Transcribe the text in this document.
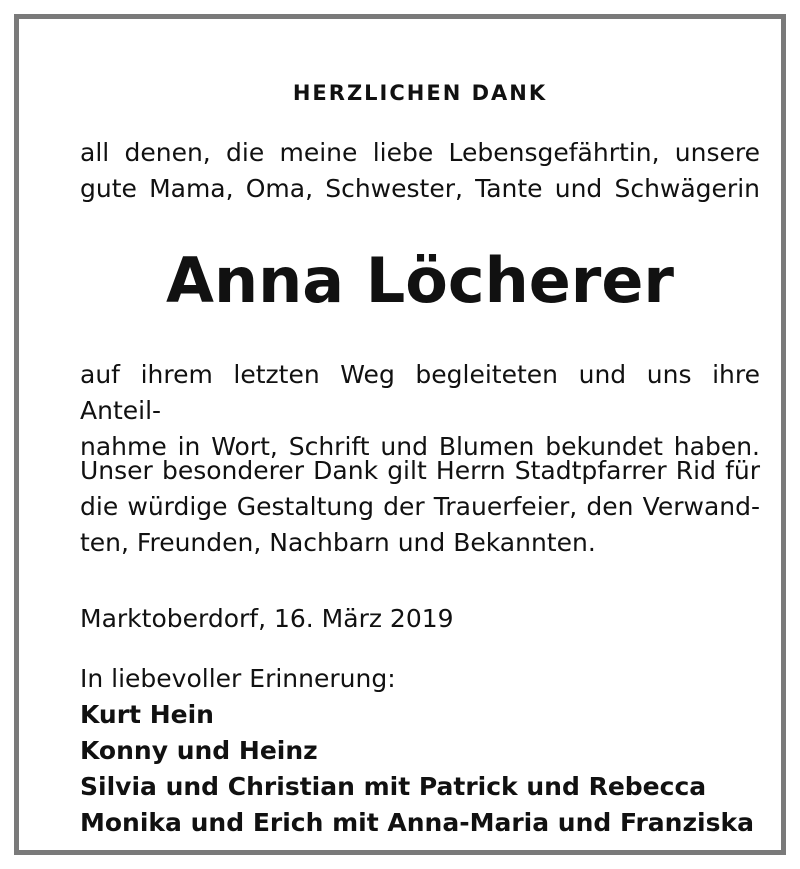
HERZLICHEN DANK
all denen, die meine liebe Lebensgefährtin, unsere
gute Mama, Oma, Schwester, Tante und Schwägerin
Anna Löcherer
auf ihrem letzten Weg begleiteten und uns ihre Anteil-
nahme in Wort, Schrift und Blumen bekundet haben.
Unser besonderer Dank gilt Herrn Stadtpfarrer Rid für
die würdige Gestaltung der Trauerfeier, den Verwand-
ten, Freunden, Nachbarn und Bekannten.
Marktoberdorf, 16. März 2019
In liebevoller Erinnerung:
Kurt Hein
Konny und Heinz
Silvia und Christian mit Patrick und Rebecca
Monika und Erich mit Anna-Maria und Franziska
